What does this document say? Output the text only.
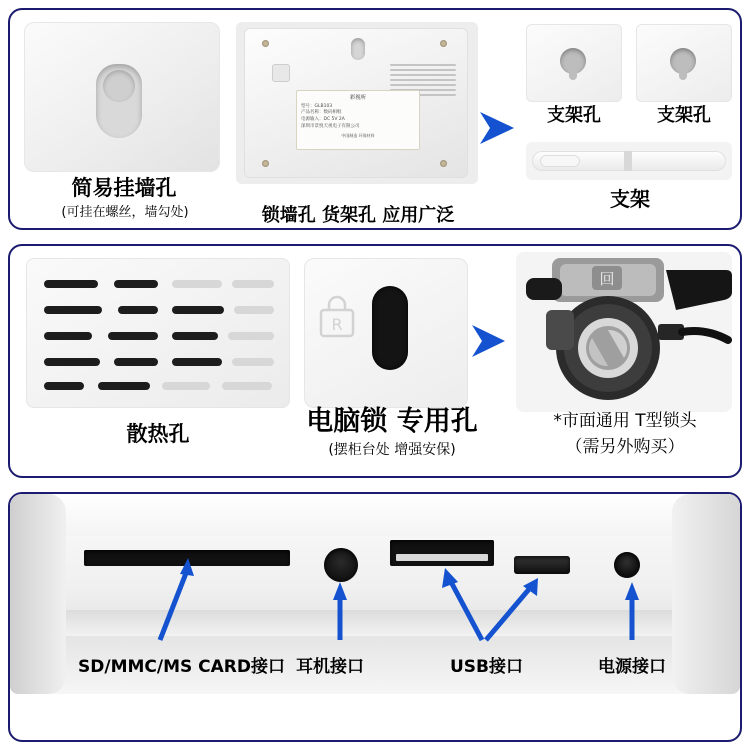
彩视听
型号：GLB103
产品名称：数码相框
电源输入：DC 5V 2A
深圳市景悦天视电子有限公司
中国制造 环保材料
简易挂墙孔
(可挂在螺丝，墙勾处)	锁墙孔 货架孔 应用广泛
支架孔	支架孔
支架
R
回
散热孔	电脑锁 专用孔
(摆柜台处 增强安保)
*市面通用 T型锁头
（需另外购买）
SD/MMC/MS CARD接口 耳机接口	USB接口	电源接口
